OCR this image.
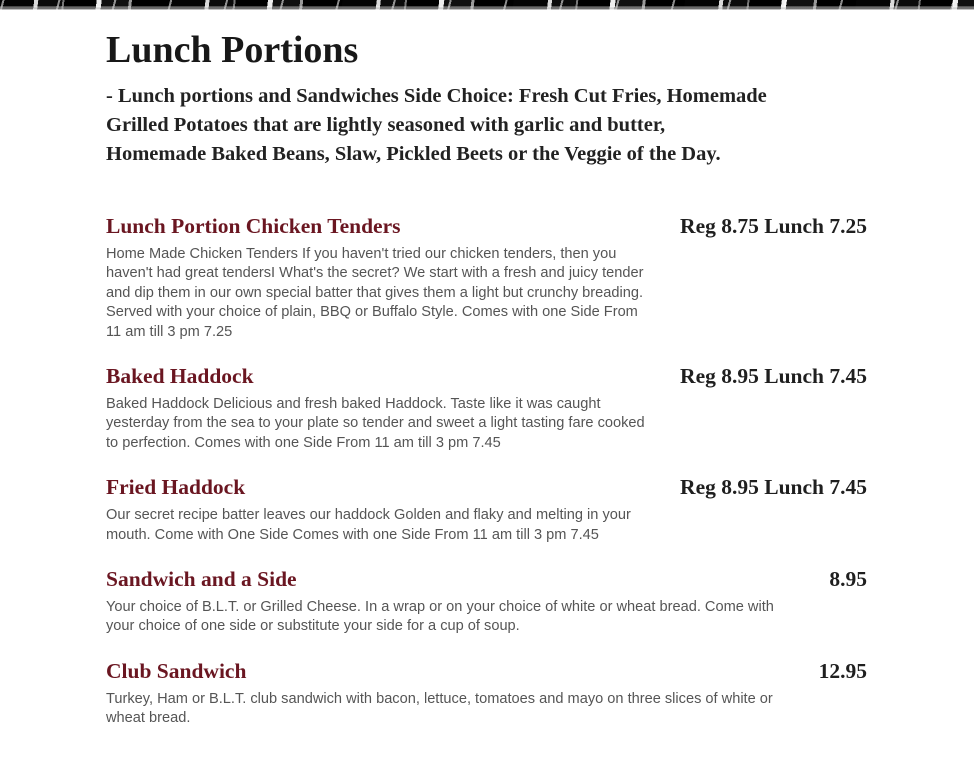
Lunch Portions

- Lunch portions and Sandwiches Side Choice: Fresh Cut Fries, Homemade
Grilled Potatoes that are lightly seasoned with garlic and butter,
Homemade Baked Beans, Slaw, Pickled Beets or the Veggie of the Day.

Lunch Portion Chicken Tenders

Home Made Chicken Tenders If you haven't tried our chicken tenders, then you haven't had great tendersI What's the secret? We start with a fresh and juicy tender and dip them in our own special batter that gives them a light but crunchy breading. Served with your choice of plain, BBQ or Buffalo Style. Comes with one Side From 11 am till 3 pm 7.25

Reg 8.75 Lunch 7.25
Baked Haddock

Baked Haddock Delicious and fresh baked Haddock. Taste like it was caught yesterday from the sea to your plate so tender and sweet a light tasting fare cooked to perfection. Comes with one Side From 11 am till 3 pm 7.45

Reg 8.95 Lunch 7.45
Fried Haddock

Our secret recipe batter leaves our haddock Golden and flaky and melting in your mouth. Come with One Side Comes with one Side From 11 am till 3 pm 7.45

Reg 8.95 Lunch 7.45
Sandwich and a Side

Your choice of B.L.T. or Grilled Cheese. In a wrap or on your choice of white or wheat bread. Come with your choice of one side or substitute your side for a cup of soup.

8.95
Club Sandwich

Turkey, Ham or B.L.T. club sandwich with bacon, lettuce, tomatoes and mayo on three slices of white or wheat bread.

12.95
